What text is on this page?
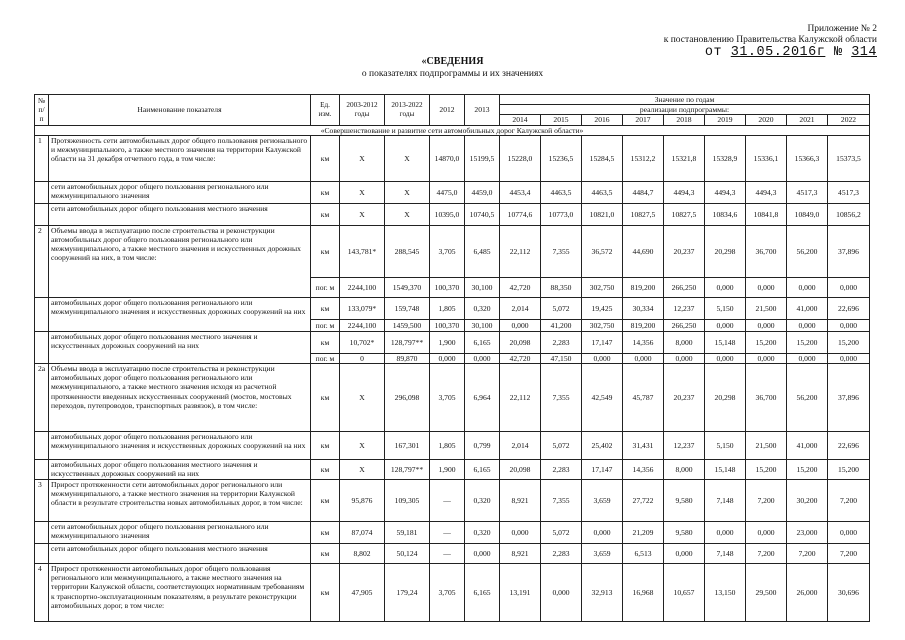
Приложение № 2
к постановлению Правительства Калужской области
от 31.05.2016г № 314
«СВЕДЕНИЯ
о показателях подпрограммы и их значениях
№ п/п	Наименование показателя	Ед. изм.	2003-2012 годы	2013-2022 годы	2012	2013	Значение по годам								
							реализации подпрограммы:								
							2014	2015	2016	2017	2018	2019	2020	2021	2022
«Совершенствование и развитие сети автомобильных дорог Калужской области»															
1	Протяженность сети автомобильных дорог общего пользования регионального и межмуниципального, а также местного значения на территории Калужской области на 31 декабря отчетного года, в том числе:	км	Х	Х	14870,0	15199,5	15228,0	15236,5	15284,5	15312,2	15321,8	15328,9	15336,1	15366,3	15373,5
	сети автомобильных дорог общего пользования регионального или межмуниципального значения	км	Х	Х	4475,0	4459,0	4453,4	4463,5	4463,5	4484,7	4494,3	4494,3	4494,3	4517,3	4517,3
	сети автомобильных дорог общего пользования местного значения	км	Х	Х	10395,0	10740,5	10774,6	10773,0	10821,0	10827,5	10827,5	10834,6	10841,8	10849,0	10856,2
2	Объемы ввода в эксплуатацию после строительства и реконструкции автомобильных дорог общего пользования регионального или межмуниципального, а также местного значения и искусственных дорожных сооружений на них, в том числе:	км	143,781*	288,545	3,705	6,485	22,112	7,355	36,572	44,690	20,237	20,298	36,700	56,200	37,896
		пог. м	2244,100	1549,370	100,370	30,100	42,720	88,350	302,750	819,200	266,250	0,000	0,000	0,000	0,000
	автомобильных дорог общего пользования регионального или межмуниципального значения и искусственных дорожных сооружений на них	км	133,079*	159,748	1,805	0,320	2,014	5,072	19,425	30,334	12,237	5,150	21,500	41,000	22,696
		пог. м	2244,100	1459,500	100,370	30,100	0,000	41,200	302,750	819,200	266,250	0,000	0,000	0,000	0,000
	автомобильных дорог общего пользования местного значения и искусственных дорожных сооружений на них	км	10,702*	128,797**	1,900	6,165	20,098	2,283	17,147	14,356	8,000	15,148	15,200	15,200	15,200
		пог. м	0	89,870	0,000	0,000	42,720	47,150	0,000	0,000	0,000	0,000	0,000	0,000	0,000
2а	Объемы ввода в эксплуатацию после строительства и реконструкции автомобильных дорог общего пользования регионального или межмуниципального, а также местного значения исходя из расчетной протяженности введенных искусственных сооружений (мостов, мостовых переходов, путепроводов, транспортных развязок), в том числе:	км	Х	296,098	3,705	6,964	22,112	7,355	42,549	45,787	20,237	20,298	36,700	56,200	37,896
	автомобильных дорог общего пользования регионального или межмуниципального значения и искусственных дорожных сооружений на них	км	Х	167,301	1,805	0,799	2,014	5,072	25,402	31,431	12,237	5,150	21,500	41,000	22,696
	автомобильных дорог общего пользования местного значения и искусственных дорожных сооружений на них	км	Х	128,797**	1,900	6,165	20,098	2,283	17,147	14,356	8,000	15,148	15,200	15,200	15,200
3	Прирост протяженности сети автомобильных дорог регионального или межмуниципального, а также местного значения на территории Калужской области в результате строительства новых автомобильных дорог, в том числе:	км	95,876	109,305	—	0,320	8,921	7,355	3,659	27,722	9,580	7,148	7,200	30,200	7,200
	сети автомобильных дорог общего пользования регионального или межмуниципального значения	км	87,074	59,181	—	0,320	0,000	5,072	0,000	21,209	9,580	0,000	0,000	23,000	0,000
	сети автомобильных дорог общего пользования местного значения	км	8,802	50,124	—	0,000	8,921	2,283	3,659	6,513	0,000	7,148	7,200	7,200	7,200
4	Прирост протяженности автомобильных дорог общего пользования регионального или межмуниципального, а также местного значения на территории Калужской области, соответствующих нормативным требованиям к транспортно-эксплуатационным показателям, в результате реконструкции автомобильных дорог, в том числе:	км	47,905	179,24	3,705	6,165	13,191	0,000	32,913	16,968	10,657	13,150	29,500	26,000	30,696
